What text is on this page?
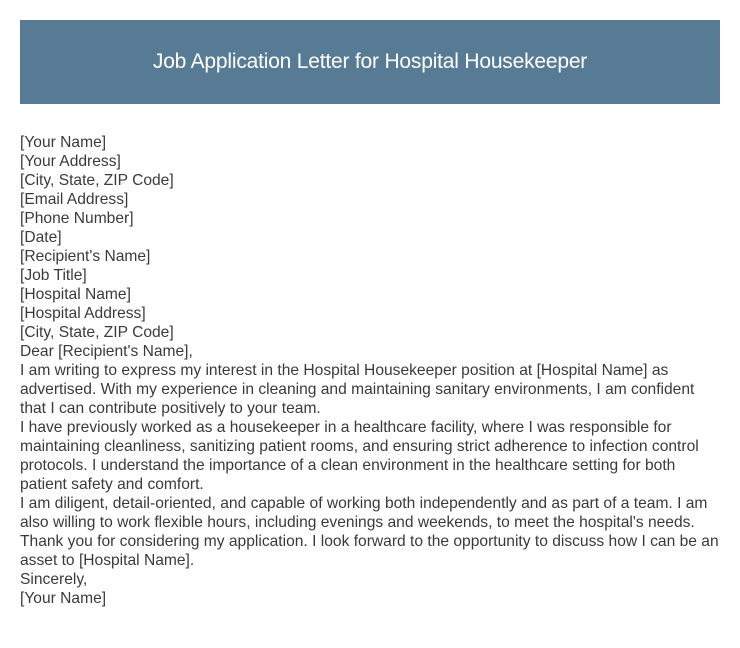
Job Application Letter for Hospital Housekeeper

[Your Name]

[Your Address]

[City, State, ZIP Code]

[Email Address]

[Phone Number]

[Date]

[Recipient's Name]

[Job Title]

[Hospital Name]

[Hospital Address]

[City, State, ZIP Code]

Dear [Recipient's Name],

I am writing to express my interest in the Hospital Housekeeper position at [Hospital Name] as advertised. With my experience in cleaning and maintaining sanitary environments, I am confident that I can contribute positively to your team.

I have previously worked as a housekeeper in a healthcare facility, where I was responsible for maintaining cleanliness, sanitizing patient rooms, and ensuring strict adherence to infection control protocols. I understand the importance of a clean environment in the healthcare setting for both patient safety and comfort.

I am diligent, detail-oriented, and capable of working both independently and as part of a team. I am also willing to work flexible hours, including evenings and weekends, to meet the hospital's needs.

Thank you for considering my application. I look forward to the opportunity to discuss how I can be an asset to [Hospital Name].

Sincerely,

[Your Name]
